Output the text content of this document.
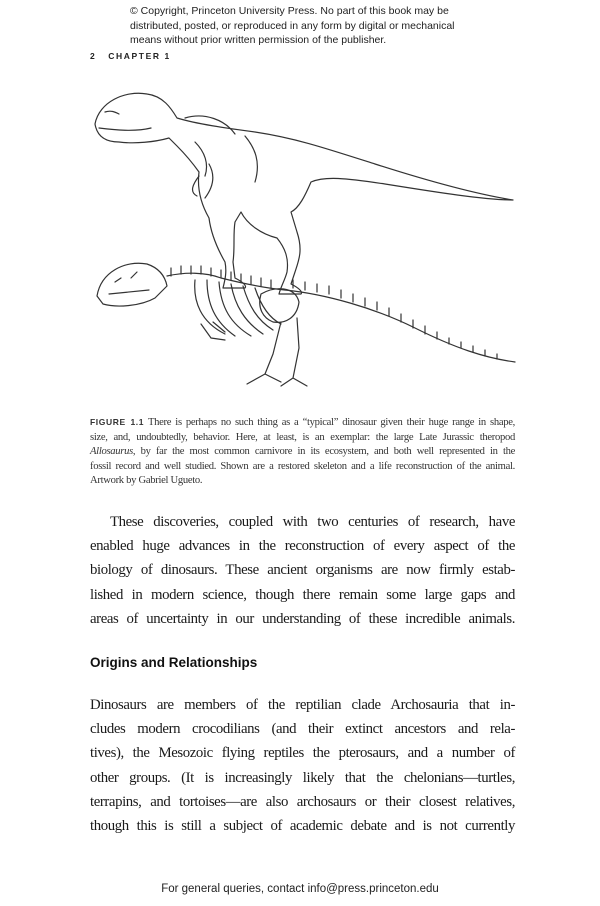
© Copyright, Princeton University Press. No part of this book may be distributed, posted, or reproduced in any form by digital or mechanical means without prior written permission of the publisher.
2 CHAPTER 1
FIGURE 1.1 There is perhaps no such thing as a “typical” dinosaur given their huge range in shape,
size, and, undoubtedly, behavior. Here, at least, is an exemplar: the large Late Jurassic theropod
Allosaurus, by far the most common carnivore in its ecosystem, and both well represented in the
fossil record and well studied. Shown are a restored skeleton and a life reconstruction of the animal.
Artwork by Gabriel Ugueto.
These discoveries, coupled with two centuries of research, have
enabled huge advances in the reconstruction of every aspect of the
biology of dinosaurs. These ancient organisms are now firmly estab-
lished in modern science, though there remain some large gaps and
areas of uncertainty in our understanding of these incredible animals.
Origins and Relationships
Dinosaurs are members of the reptilian clade Archosauria that in-
cludes modern crocodilians (and their extinct ancestors and rela-
tives), the Mesozoic flying reptiles the pterosaurs, and a number of
other groups. (It is increasingly likely that the chelonians—turtles,
terrapins, and tortoises—are also archosaurs or their closest relatives,
though this is still a subject of academic debate and is not currently
For general queries, contact info@press.princeton.edu
